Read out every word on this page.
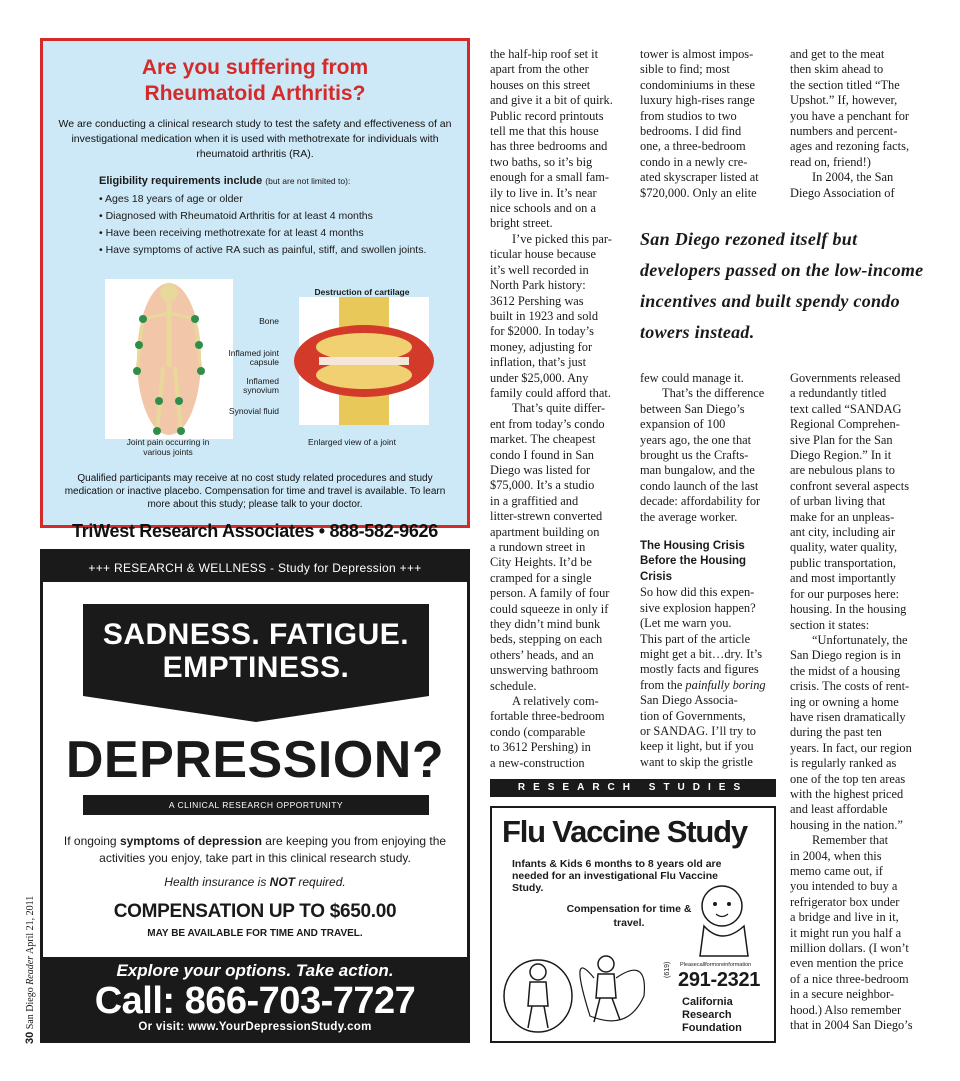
Are you suffering from
Rheumatoid Arthritis?
We are conducting a clinical research study to test the safety and effectiveness of an investigational medication when it is used with methotrexate for individuals with rheumatoid arthritis (RA).
Eligibility requirements include (but are not limited to):
• Ages 18 years of age or older
• Diagnosed with Rheumatoid Arthritis for at least 4 months
• Have been receiving methotrexate for at least 4 months
• Have symptoms of active RA such as painful, stiff, and swollen joints.
Joint pain occurring in various joints
Destruction of cartilage
Bone
Inflamed joint capsule
Inflamed synovium
Synovial fluid
Enlarged view of a joint
Qualified participants may receive at no cost study related procedures and study medication or inactive placebo. Compensation for time and travel is available. To learn more about this study; please talk to your doctor.
TriWest Research Associates • 888-582-9626
+++ RESEARCH & WELLNESS - Study for Depression +++
SADNESS. FATIGUE.
EMPTINESS.
DEPRESSION?
A CLINICAL RESEARCH OPPORTUNITY
If ongoing symptoms of depression are keeping you from enjoying the activities you enjoy, take part in this clinical research study.
Health insurance is NOT required.
COMPENSATION UP TO $650.00
MAY BE AVAILABLE FOR TIME AND TRAVEL.
Explore your options. Take action.
Call: 866-703-7727
Or visit: www.YourDepressionStudy.com
30 San Diego Reader April 21, 2011

the half-hip roof set it

apart from the other

houses on this street

and give it a bit of quirk.

Public record printouts

tell me that this house

has three bedrooms and

two baths, so it’s big

enough for a small fam-

ily to live in. It’s near

nice schools and on a

bright street.

I’ve picked this par-

ticular house because

it’s well recorded in

North Park history:

3612 Pershing was

built in 1923 and sold

for $2000. In today’s

money, adjusting for

inflation, that’s just

under $25,000. Any

family could afford that.

That’s quite differ-

ent from today’s condo

market. The cheapest

condo I found in San

Diego was listed for

$75,000. It’s a studio

in a graffitied and

litter-strewn converted

apartment building on

a rundown street in

City Heights. It’d be

cramped for a single

person. A family of four

could squeeze in only if

they didn’t mind bunk

beds, stepping on each

others’ heads, and an

unswerving bathroom

schedule.

A relatively com-

fortable three-bedroom

condo (comparable

to 3612 Pershing) in

a new-construction

tower is almost impos-

sible to find; most

condominiums in these

luxury high-rises range

from studios to two

bedrooms. I did find

one, a three-bedroom

condo in a newly cre-

ated skyscraper listed at

$720,000. Only an elite

and get to the meat

then skim ahead to

the section titled “The

Upshot.” If, however,

you have a penchant for

numbers and percent-

ages and rezoning facts,

read on, friend!)

In 2004, the San

Diego Association of

San Diego rezoned itself but developers passed on the low-income incentives and built spendy condo towers instead.

few could manage it.

That’s the difference

between San Diego’s

expansion of 100

years ago, the one that

brought us the Crafts-

man bungalow, and the

condo launch of the last

decade: affordability for

the average worker.

The Housing Crisis

Before the Housing

Crisis

So how did this expen-

sive explosion happen?

(Let me warn you.

This part of the article

might get a bit…dry. It’s

mostly facts and figures

from the painfully boring

San Diego Associa-

tion of Governments,

or SANDAG. I’ll try to

keep it light, but if you

want to skip the gristle

Governments released

a redundantly titled

text called “SANDAG

Regional Comprehen-

sive Plan for the San

Diego Region.” In it

are nebulous plans to

confront several aspects

of urban living that

make for an unpleas-

ant city, including air

quality, water quality,

public transportation,

and most importantly

for our purposes here:

housing. In the housing

section it states:

“Unfortunately, the

San Diego region is in

the midst of a housing

crisis. The costs of rent-

ing or owning a home

have risen dramatically

during the past ten

years. In fact, our region

is regularly ranked as

one of the top ten areas

with the highest priced

and least affordable

housing in the nation.”

Remember that

in 2004, when this

memo came out, if

you intended to buy a

refrigerator box under

a bridge and live in it,

it might run you half a

million dollars. (I won’t

even mention the price

of a nice three-bedroom

in a secure neighbor-

hood.) Also remember

that in 2004 San Diego’s

RESEARCH STUDIES
Flu Vaccine Study
Infants & Kids 6 months to 8 years old are needed for an investigational Flu Vaccine Study.
Compensation for time & travel.
Pleasecallformoreinformation
(619) 291-2321
California
Research
Foundation
